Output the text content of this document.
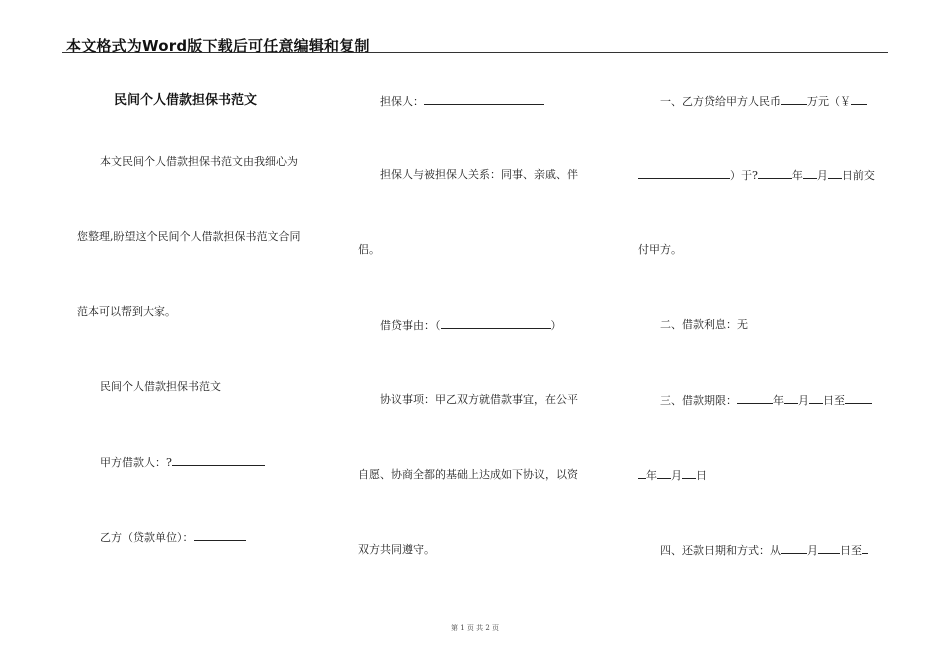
本文格式为Word版下载后可任意编辑和复制
民间个人借款担保书范文
本文民间个人借款担保书范文由我细心为
您整理,盼望这个民间个人借款担保书范文合同
范本可以帮到大家。
民间个人借款担保书范文
甲方借款人：?
乙方（贷款单位）：
担保人：
担保人与被担保人关系：同事、亲戚、伴
侣。
借贷事由：（	）
协议事项：甲乙双方就借款事宜，在公平
自愿、协商全都的基础上达成如下协议，以资
双方共同遵守。
一、乙方贷给甲方人民币 万元（￥
）于?	年 月 日前交
付甲方。
二、借款利息：无
三、借款期限：	年 月 日至
年 月 日
四、还款日期和方式：从 月 日至
第 1 页 共 2 页
